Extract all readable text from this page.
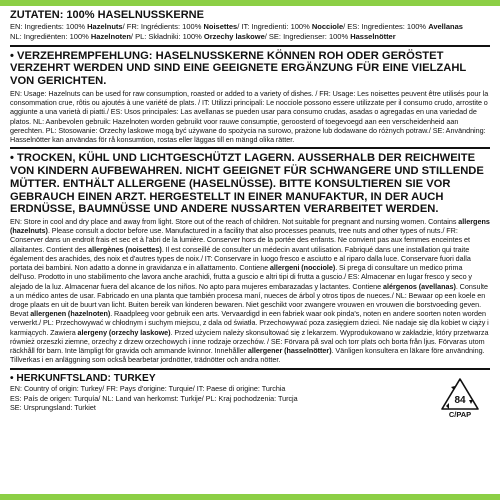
ZUTATEN: 100% HASELNUSSKERNE
EN: Ingredients: 100% Hazelnuts/ FR: Ingrédients: 100% Noisettes/ IT: Ingredienti: 100% Nocciole/ ES: Ingredientes: 100% Avellanas
NL: Ingrediënten: 100% Hazelnoten/ PL: Składniki: 100% Orzechy laskowe/ SE: Ingredienser: 100% Hasselnötter

• VERZEHREMPFEHLUNG: HASELNUSSKERNE KÖNNEN ROH ODER GERÖSTET VERZEHRT WERDEN UND SIND EINE GEEIGNETE ERGÄNZUNG FÜR EINE VIELZAHL VON GERICHTEN.

EN: Usage: Hazelnuts can be used for raw consumption, roasted or added to a variety of dishes. / FR: Usage: Les noisettes peuvent être utilisés pour la consommation crue, rôtis ou ajoutés à une variété de plats. / IT: Utilizzi principali: Le nocciole possono essere utilizzate per il consumo crudo, arrostite o aggiunte a una varietà di piatti./ ES: Usos principales: Las avellanas se pueden usar para consumo crudas, asadas o agregadas en una variedad de platos. NL: Aanbevolen gebruik: Hazelnoten worden gebruikt voor rauwe consumptie, geroosterd of toegevoegd aan een verscheidenheid aan gerechten. PL: Stosowanie: Orzechy laskowe mogą być używane do spożycia na surowo, prażone lub dodawane do różnych potraw./ SE: Användning: Hasselnötter kan användas för rå konsumtion, rostas eller läggas till en mängd olika rätter.

• TROCKEN, KÜHL UND LICHTGESCHÜTZT LAGERN. AUSSERHALB DER REICHWEITE VON KINDERN AUFBEWAHREN. NICHT GEEIGNET FÜR SCHWANGERE UND STILLENDE MÜTTER. ENTHÄLT ALLERGENE (HASELNÜSSE). BITTE KONSULTIEREN SIE VOR GEBRAUCH EINEN ARZT. HERGESTELLT IN EINER MANUFAKTUR, IN DER AUCH ERDNÜSSE, BAUMNÜSSE UND ANDERE NUSSARTEN VERARBEITET WERDEN.

EN: Store in cool and dry place and away from light. Store out of the reach of children. Not suitable for pregnant and nursing women. Contains allergens (hazelnuts). Please consult a doctor before use. Manufactured in a facility that also processes peanuts, tree nuts and other types of nuts./ FR: Conserver dans un endroit frais et sec et à l'abri de la lumière. Conserver hors de la portée des enfants. Ne convient pas aux femmes enceintes et allaitantes. Contient des allergènes (noisettes). Il est conseillé de consulter un médecin avant utilisation. Fabriqué dans une installation qui traite également des arachides, des noix et d'autres types de noix./ IT: Conservare in luogo fresco e asciutto e al riparo dalla luce. Conservare fuori dalla portata dei bambini. Non adatto a donne in gravidanza e in allattamento. Contiene allergeni (nocciole). Si prega di consultare un medico prima dell'uso. Prodotto in uno stabilimento che lavora anche arachidi, frutta a guscio e altri tipi di frutta a guscio./ ES: Almacenar en lugar fresco y seco y alejado de la luz. Almacenar fuera del alcance de los niños. No apto para mujeres embarazadas y lactantes. Contiene alérgenos (avellanas). Consulte a un médico antes de usar. Fabricado en una planta que también procesa maní, nueces de árbol y otros tipos de nueces./ NL: Bewaar op een koele en droge plaats en uit de buurt van licht. Buiten bereik van kinderen bewaren. Niet geschikt voor zwangere vrouwen en vrouwen die borstvoeding geven. Bevat allergenen (hazelnoten). Raadpleeg voor gebruik een arts. Vervaardigd in een fabriek waar ook pinda's, noten en andere soorten noten worden verwerkt./ PL: Przechowywać w chłodnym i suchym miejscu, z dala od światła. Przechowywać poza zasięgiem dzieci. Nie nadaje się dla kobiet w ciąży i karmiących. Zawiera alergeny (orzechy laskowe). Przed użyciem należy skonsultować się z lekarzem. Wyprodukowano w zakładzie, który przetwarza również orzeszki ziemne, orzechy z drzew orzechowych i inne rodzaje orzechów. / SE: Förvara på sval och torr plats och borta från ljus. Förvaras utom räckhåll för barn. Inte lämpligt för gravida och ammande kvinnor. Innehåller allergener (hasselnötter). Vänligen konsultera en läkare före användning. Tillverkas i en anläggning som också bearbetar jordnötter, trädnötter och andra nötter.

• HERKUNFTSLAND: TURKEY

EN: Country of origin: Turkey/ FR: Pays d'origine: Turquie/ IT: Paese di origine: Turchia
ES: País de origen: Turquía/ NL: Land van herkomst: Turkije/ PL: Kraj pochodzenia: Turcja
SE: Ursprungsland: Turkiet
84
C/PAP
